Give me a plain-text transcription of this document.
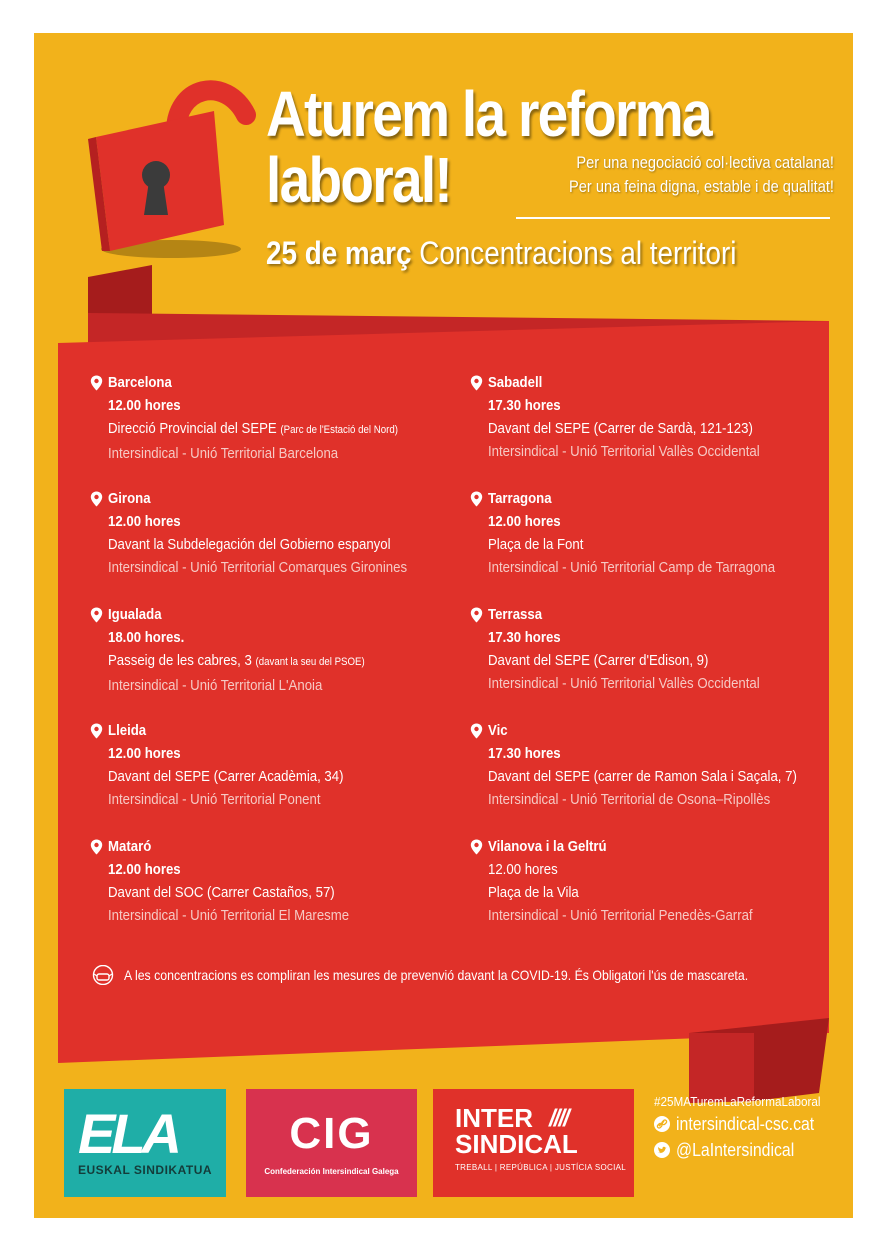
Aturem la reforma
laboral!	Per una negociació col·lectiva catalana!
Per una feina digna, estable i de qualitat!
25 de març Concentracions al territori
Barcelona
12.00 hores
Direcció Provincial del SEPE (Parc de l'Estació del Nord)
Intersindical - Unió Territorial Barcelona
Girona
12.00 hores
Davant la Subdelegación del Gobierno espanyol
Intersindical - Unió Territorial Comarques Gironines
Igualada
18.00 hores.
Passeig de les cabres, 3 (davant la seu del PSOE)
Intersindical - Unió Territorial L'Anoia
Lleida
12.00 hores
Davant del SEPE (Carrer Acadèmia, 34)
Intersindical - Unió Territorial Ponent
Mataró
12.00 hores
Davant del SOC (Carrer Castaños, 57)
Intersindical - Unió Territorial El Maresme
Sabadell
17.30 hores
Davant del SEPE (Carrer de Sardà, 121-123)
Intersindical - Unió Territorial Vallès Occidental
Tarragona
12.00 hores
Plaça de la Font
Intersindical - Unió Territorial Camp de Tarragona
Terrassa
17.30 hores
Davant del SEPE (Carrer d'Edison, 9)
Intersindical - Unió Territorial Vallès Occidental
Vic
17.30 hores
Davant del SEPE (carrer de Ramon Sala i Saçala, 7)
Intersindical - Unió Territorial de Osona–Ripollès
Vilanova i la Geltrú
12.00 hores
Plaça de la Vila
Intersindical - Unió Territorial Penedès-Garraf
A les concentracions es compliran les mesures de prevenvió davant la COVID-19. És Obligatori l'ús de mascareta.
ELA
EUSKAL SINDIKATUA
CIG
Confederación Intersindical Galega
INTER
SINDICAL
////
TREBALL | REPÚBLICA | JUSTÍCIA SOCIAL
#25MATuremLaReformaLaboral
intersindical-csc.cat
@LaIntersindical
